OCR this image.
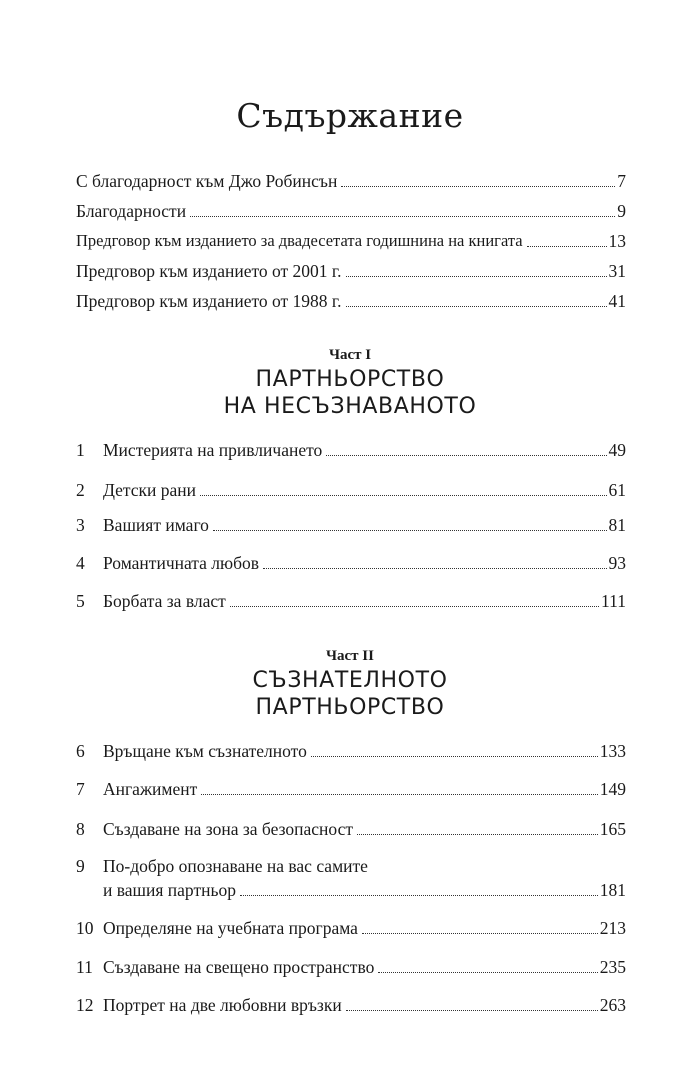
Съдържание
С благодарност към Джо Робинсън	7
Благодарности	9
Предговор към изданието за двадесетата годишнина на книгата	13
Предговор към изданието от 2001 г.	31
Предговор към изданието от 1988 г.	41
Част I
ПАРТНЬОРСТВО
НА НЕСЪЗНАВАНОТО
1	Мистерията на привличането	49
2	Детски рани	61
3	Вашият имаго	81
4	Романтичната любов	93
5	Борбата за власт	111
Част II
СЪЗНАТЕЛНОТО
ПАРТНЬОРСТВО
6	Връщане към съзнателното	133
7	Ангажимент	149
8	Създаване на зона за безопасност	165
9	По-добро опознаване на вас самите
и вашия партньор	181
10 Определяне на учебната програма	213
11 Създаване на свещено пространство	235
12 Портрет на две любовни връзки	263
